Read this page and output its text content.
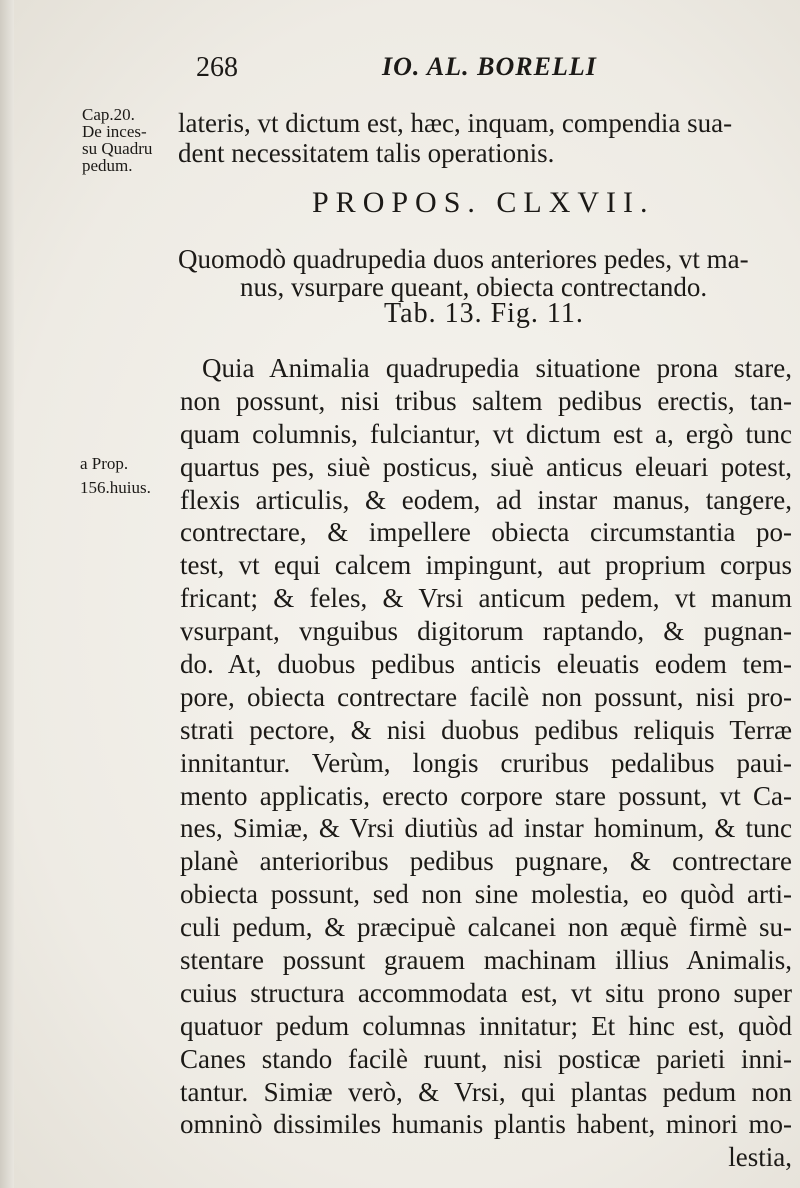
268	IO. AL. BORELLI
Cap.20.
De inces-
su Quadru
pedum.
lateris, vt dictum est, hæc, inquam, compendia sua-
dent necessitatem talis operationis.
PROPOS. CLXVII.
Quomodò quadrupedia duos anteriores pedes, vt ma-
nus, vsurpare queant, obiecta contrectando.
Tab. 13. Fig. 11.
a Prop.
156.huius.
Quia Animalia quadrupedia situatione prona stare,
non possunt, nisi tribus saltem pedibus erectis, tan-
quam columnis, fulciantur, vt dictum est a, ergò tunc
quartus pes, siuè posticus, siuè anticus eleuari potest,
flexis articulis, & eodem, ad instar manus, tangere,
contrectare, & impellere obiecta circumstantia po-
test, vt equi calcem impingunt, aut proprium corpus
fricant; & feles, & Vrsi anticum pedem, vt manum
vsurpant, vnguibus digitorum raptando, & pugnan-
do. At, duobus pedibus anticis eleuatis eodem tem-
pore, obiecta contrectare facilè non possunt, nisi pro-
strati pectore, & nisi duobus pedibus reliquis Terræ
innitantur. Verùm, longis cruribus pedalibus paui-
mento applicatis, erecto corpore stare possunt, vt Ca-
nes, Simiæ, & Vrsi diutiùs ad instar hominum, & tunc
planè anterioribus pedibus pugnare, & contrectare
obiecta possunt, sed non sine molestia, eo quòd arti-
culi pedum, & præcipuè calcanei non æquè firmè su-
stentare possunt grauem machinam illius Animalis,
cuius structura accommodata est, vt situ prono super
quatuor pedum columnas innitatur; Et hinc est, quòd
Canes stando facilè ruunt, nisi posticæ parieti inni-
tantur. Simiæ verò, & Vrsi, qui plantas pedum non
omninò dissimiles humanis plantis habent, minori mo-
lestia,
